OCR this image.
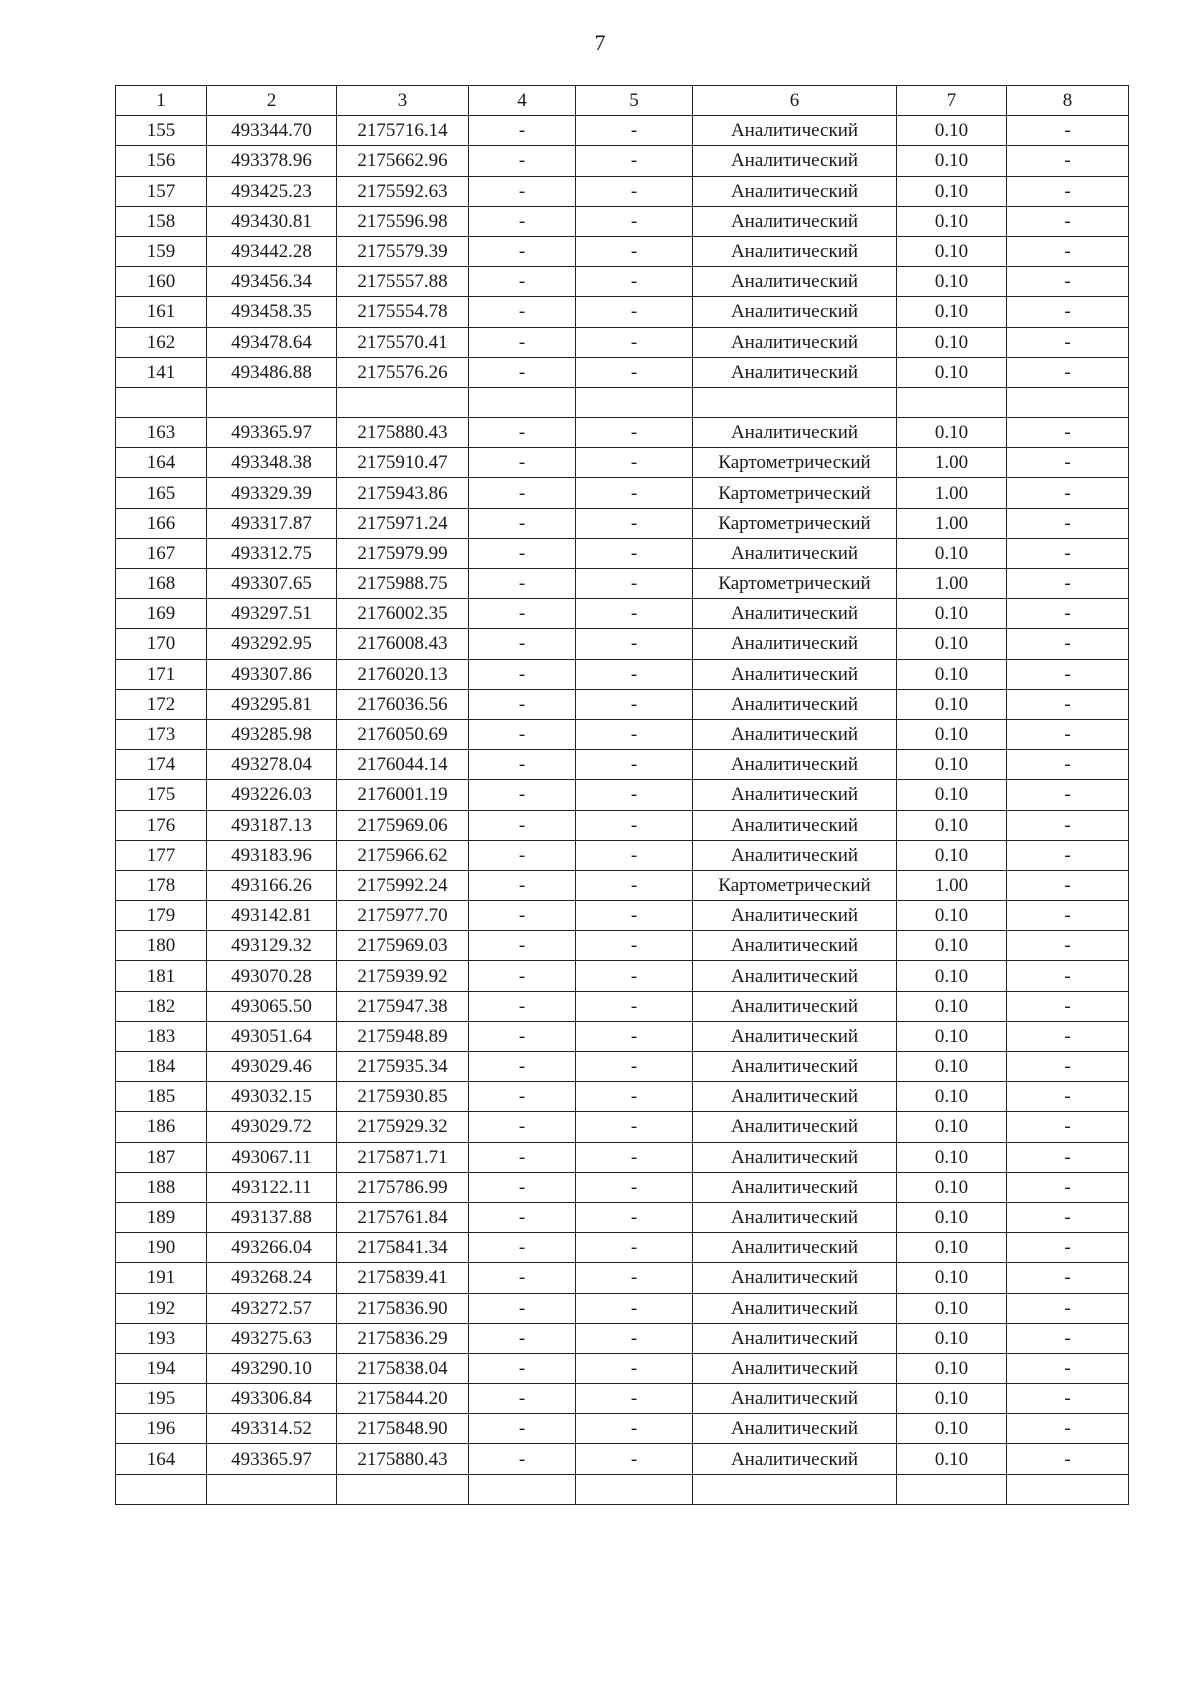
7
1	2	3	4	5	6	7	8
155	493344.70	2175716.14	-	-	Аналитический	0.10	-
156	493378.96	2175662.96	-	-	Аналитический	0.10	-
157	493425.23	2175592.63	-	-	Аналитический	0.10	-
158	493430.81	2175596.98	-	-	Аналитический	0.10	-
159	493442.28	2175579.39	-	-	Аналитический	0.10	-
160	493456.34	2175557.88	-	-	Аналитический	0.10	-
161	493458.35	2175554.78	-	-	Аналитический	0.10	-
162	493478.64	2175570.41	-	-	Аналитический	0.10	-
141	493486.88	2175576.26	-	-	Аналитический	0.10	-

163	493365.97	2175880.43	-	-	Аналитический	0.10	-
164	493348.38	2175910.47	-	-	Картометрический	1.00	-
165	493329.39	2175943.86	-	-	Картометрический	1.00	-
166	493317.87	2175971.24	-	-	Картометрический	1.00	-
167	493312.75	2175979.99	-	-	Аналитический	0.10	-
168	493307.65	2175988.75	-	-	Картометрический	1.00	-
169	493297.51	2176002.35	-	-	Аналитический	0.10	-
170	493292.95	2176008.43	-	-	Аналитический	0.10	-
171	493307.86	2176020.13	-	-	Аналитический	0.10	-
172	493295.81	2176036.56	-	-	Аналитический	0.10	-
173	493285.98	2176050.69	-	-	Аналитический	0.10	-
174	493278.04	2176044.14	-	-	Аналитический	0.10	-
175	493226.03	2176001.19	-	-	Аналитический	0.10	-
176	493187.13	2175969.06	-	-	Аналитический	0.10	-
177	493183.96	2175966.62	-	-	Аналитический	0.10	-
178	493166.26	2175992.24	-	-	Картометрический	1.00	-
179	493142.81	2175977.70	-	-	Аналитический	0.10	-
180	493129.32	2175969.03	-	-	Аналитический	0.10	-
181	493070.28	2175939.92	-	-	Аналитический	0.10	-
182	493065.50	2175947.38	-	-	Аналитический	0.10	-
183	493051.64	2175948.89	-	-	Аналитический	0.10	-
184	493029.46	2175935.34	-	-	Аналитический	0.10	-
185	493032.15	2175930.85	-	-	Аналитический	0.10	-
186	493029.72	2175929.32	-	-	Аналитический	0.10	-
187	493067.11	2175871.71	-	-	Аналитический	0.10	-
188	493122.11	2175786.99	-	-	Аналитический	0.10	-
189	493137.88	2175761.84	-	-	Аналитический	0.10	-
190	493266.04	2175841.34	-	-	Аналитический	0.10	-
191	493268.24	2175839.41	-	-	Аналитический	0.10	-
192	493272.57	2175836.90	-	-	Аналитический	0.10	-
193	493275.63	2175836.29	-	-	Аналитический	0.10	-
194	493290.10	2175838.04	-	-	Аналитический	0.10	-
195	493306.84	2175844.20	-	-	Аналитический	0.10	-
196	493314.52	2175848.90	-	-	Аналитический	0.10	-
164	493365.97	2175880.43	-	-	Аналитический	0.10	-
